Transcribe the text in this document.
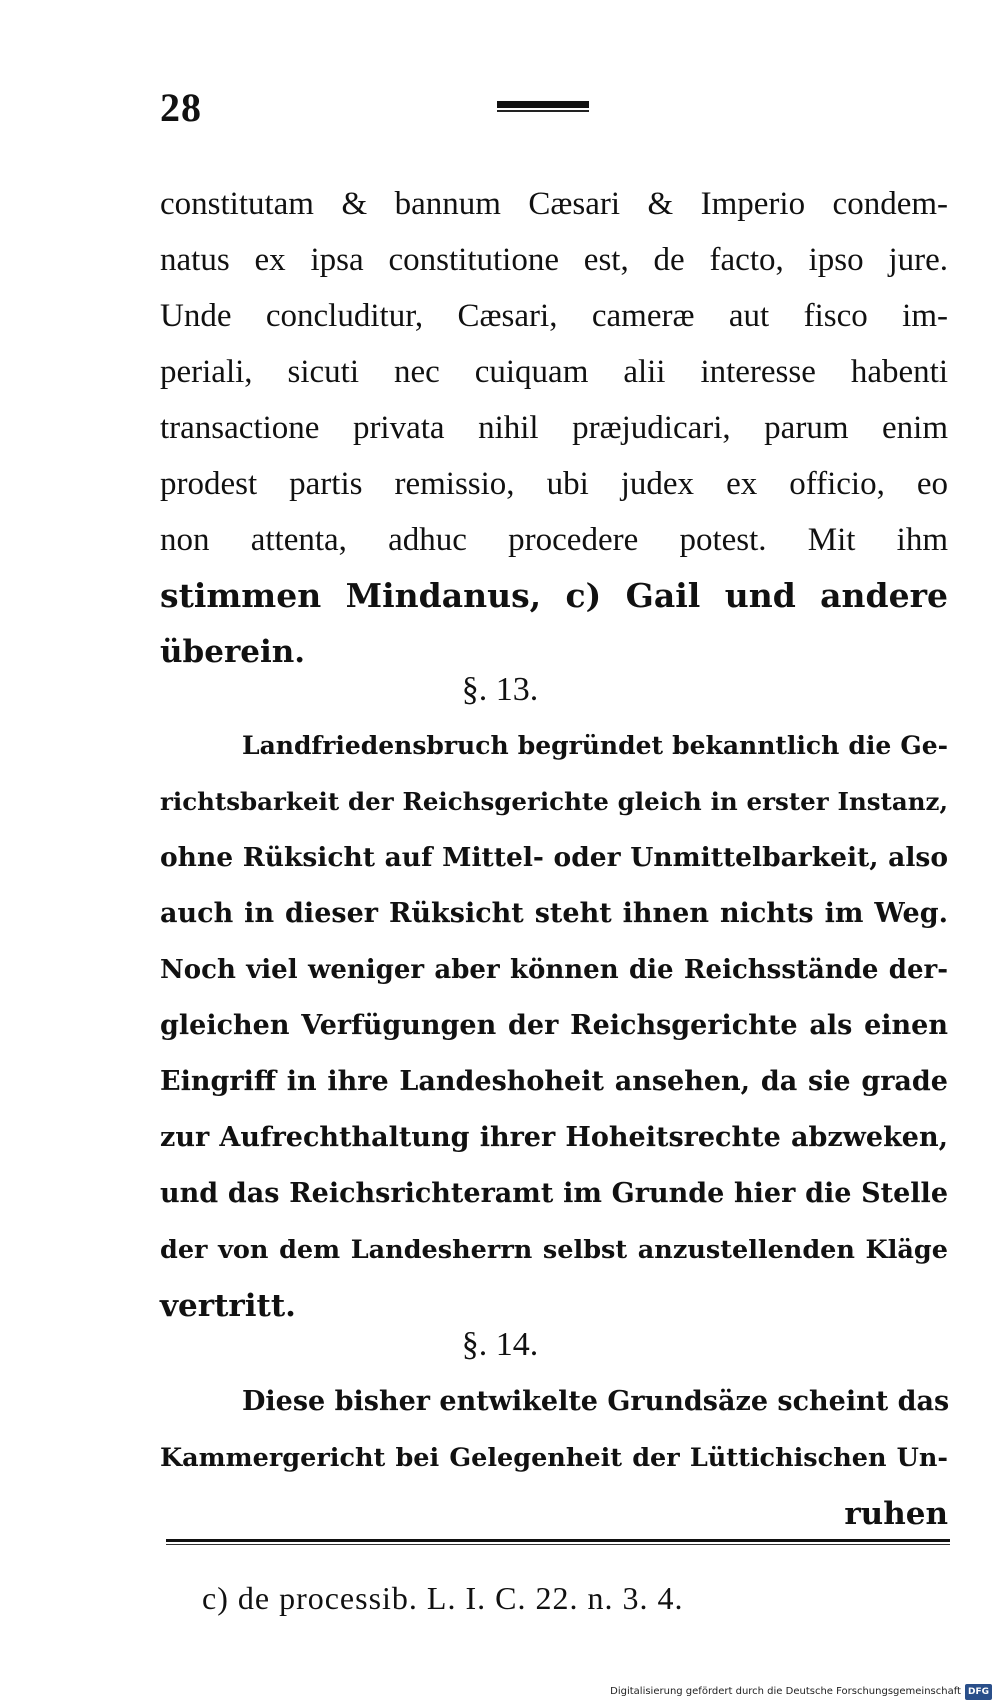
28
constitutam & bannum Cæsari & Imperio condem-
natus ex ipsa constitutione est, de facto, ipso jure.
Unde concluditur, Cæsari, cameræ aut fisco im-
periali, sicuti nec cuiquam alii interesse habenti
transactione privata nihil præjudicari, parum enim
prodest partis remissio, ubi judex ex officio, eo
non attenta, adhuc procedere potest. Mit ihm
stimmen Mindanus, c) Gail und andere
überein.
§. 13.
Landfriedensbruch begründet bekanntlich die Ge-
richtsbarkeit der Reichsgerichte gleich in erster Instanz,
ohne Rüksicht auf Mittel- oder Unmittelbarkeit, also
auch in dieser Rüksicht steht ihnen nichts im Weg.
Noch viel weniger aber können die Reichsstände der-
gleichen Verfügungen der Reichsgerichte als einen
Eingriff in ihre Landeshoheit ansehen, da sie grade
zur Aufrechthaltung ihrer Hoheitsrechte abzweken,
und das Reichsrichteramt im Grunde hier die Stelle
der von dem Landesherrn selbst anzustellenden Kläge
vertritt.
§. 14.
Diese bisher entwikelte Grundsäze scheint das
Kammergericht bei Gelegenheit der Lüttichischen Un-
ruhen
c) de processib. L. I. C. 22. n. 3. 4.
Digitalisierung gefördert durch die Deutsche Forschungsgemeinschaft DFG
